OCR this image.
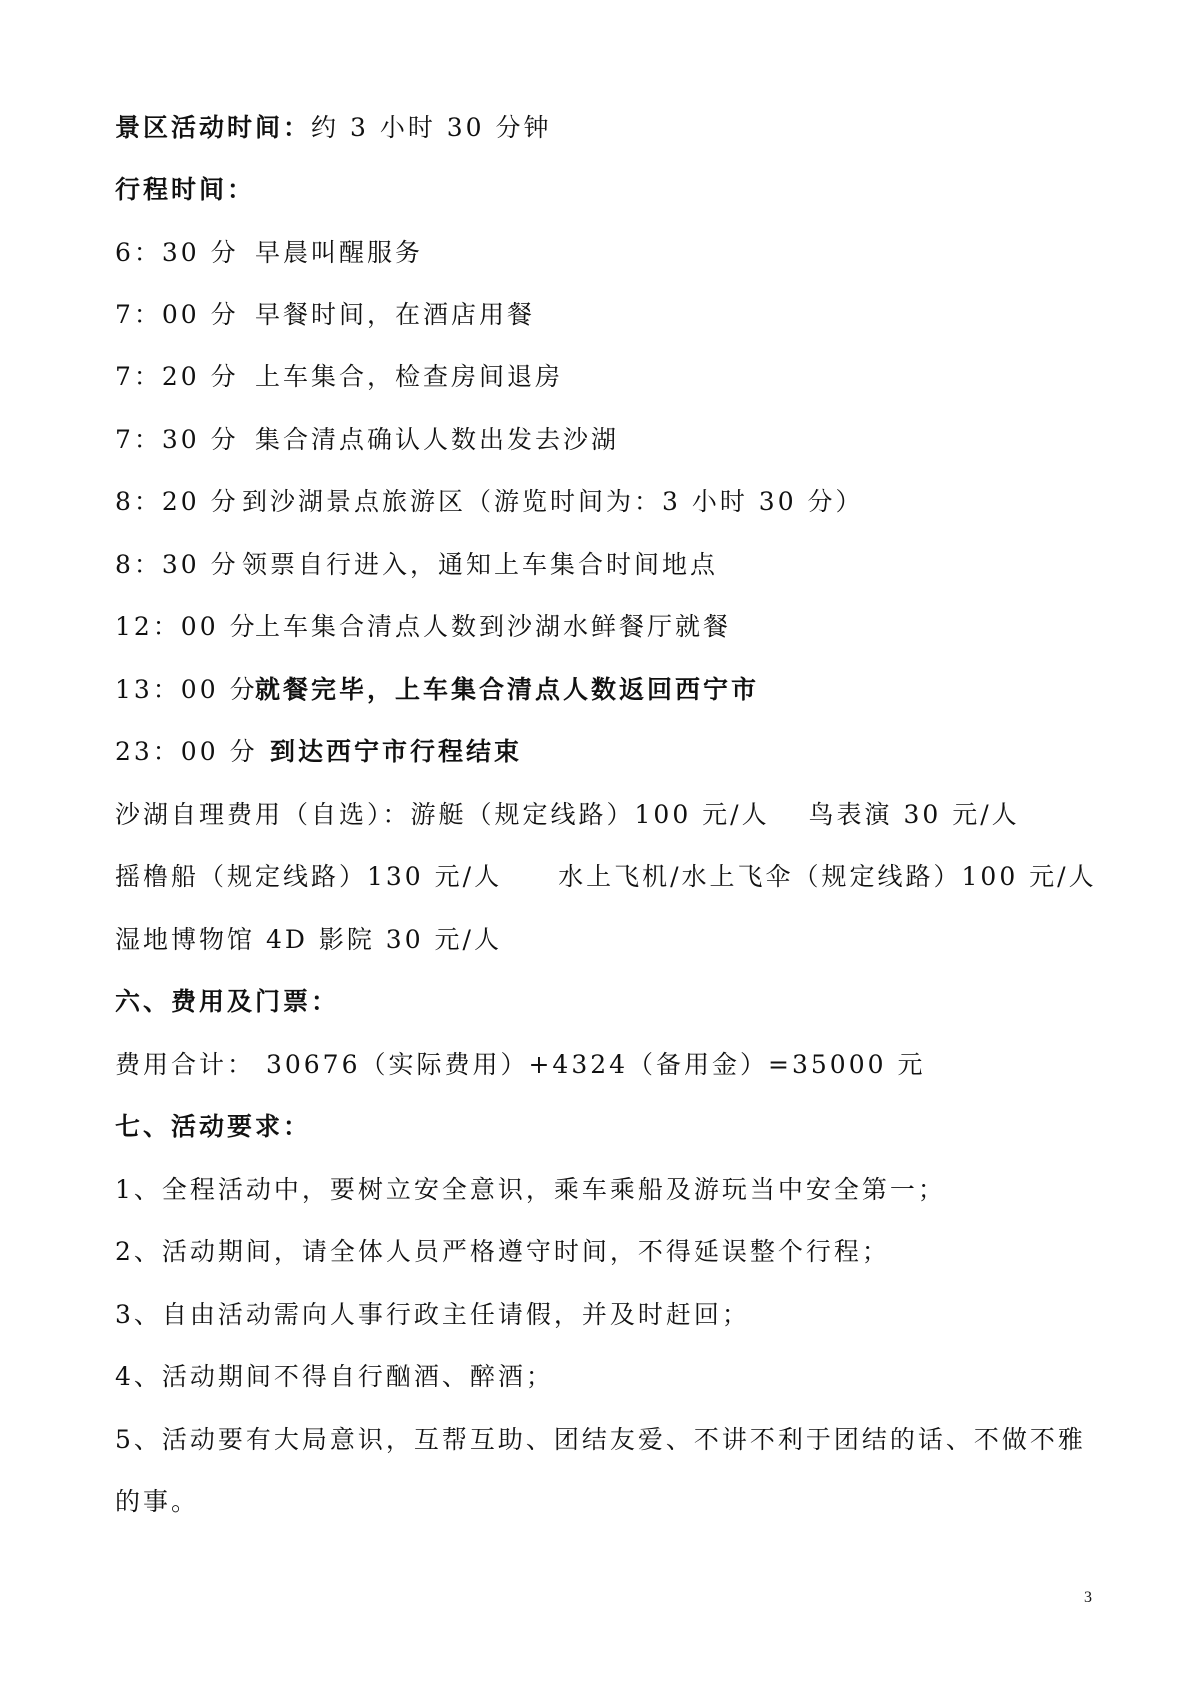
景区活动时间：约 3 小时 30 分钟
行程时间：
6：30 分 早晨叫醒服务
7：00 分 早餐时间，在酒店用餐
7：20 分 上车集合，检查房间退房
7：30 分 集合清点确认人数出发去沙湖
8：20 分 到沙湖景点旅游区（游览时间为：3 小时 30 分）
8：30 分 领票自行进入，通知上车集合时间地点
12：00 分
上车集合清点人数到沙湖水鲜餐厅就餐
13：00 分
就餐完毕，上车集合清点人数返回西宁市
23：00 分 到达西宁市行程结束
沙湖自理费用（自选）：游艇（规定线路）100 元/人　 鸟表演 30 元/人
摇橹船（规定线路）130 元/人　　水上飞机/水上飞伞（规定线路）100 元/人
湿地博物馆 4D 影院 30 元/人
六、费用及门票：
费用合计： 30676（实际费用）+4324（备用金）=35000 元
七、活动要求：
1、全程活动中，要树立安全意识，乘车乘船及游玩当中安全第一；
2、活动期间，请全体人员严格遵守时间，不得延误整个行程；
3、自由活动需向人事行政主任请假，并及时赶回；
4、活动期间不得自行酗酒、醉酒；
5、活动要有大局意识，互帮互助、团结友爱、不讲不利于团结的话、不做不雅
的事。
3
